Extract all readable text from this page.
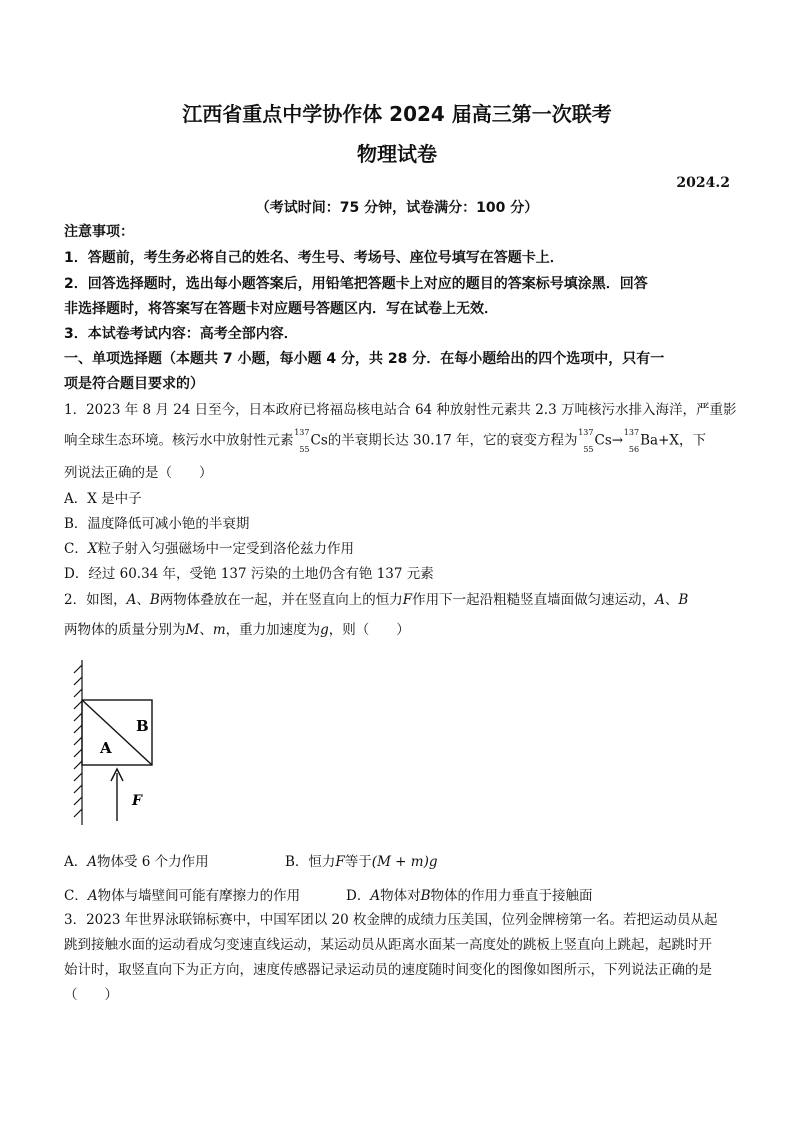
江西省重点中学协作体 2024 届高三第一次联考
物理试卷
2024.2
（考试时间：75 分钟，试卷满分：100 分）
注意事项：
1．答题前，考生务必将自己的姓名、考生号、考场号、座位号填写在答题卡上．
2．回答选择题时，选出每小题答案后，用铅笔把答题卡上对应的题目的答案标号填涂黑．回答
非选择题时，将答案写在答题卡对应题号答题区内．写在试卷上无效．
3．本试卷考试内容：高考全部内容．
一、单项选择题（本题共 7 小题，每小题 4 分，共 28 分．在每小题给出的四个选项中，只有一
项是符合题目要求的）
1．2023 年 8 月 24 日至今，日本政府已将福岛核电站合 64 种放射性元素共 2.3 万吨核污水排入海洋，严重影
响全球生态环境。核污水中放射性元素 137
55
Cs的半衰期长达 30.17 年，它的衰变方程为 137
55
Cs→ 137
56
Ba+X，下
列说法正确的是（　　）
A．X 是中子
B．温度降低可减小铯的半衰期
C．X粒子射入匀强磁场中一定受到洛伦兹力作用
D．经过 60.34 年，受铯 137 污染的土地仍含有铯 137 元素
2．如图，A、B两物体叠放在一起，并在竖直向上的恒力F作用下一起沿粗糙竖直墙面做匀速运动，A、B
两物体的质量分别为M、m，重力加速度为g，则（　　）
A
B
F
A．A物体受 6 个力作用	B．恒力F等于(M + m)g
C．A物体与墙壁间可能有摩擦力的作用	D．A物体对B物体的作用力垂直于接触面
3．2023 年世界泳联锦标赛中，中国军团以 20 枚金牌的成绩力压美国，位列金牌榜第一名。若把运动员从起
跳到接触水面的运动看成匀变速直线运动，某运动员从距离水面某一高度处的跳板上竖直向上跳起，起跳时开
始计时，取竖直向下为正方向，速度传感器记录运动员的速度随时间变化的图像如图所示，下列说法正确的是
（　　）
